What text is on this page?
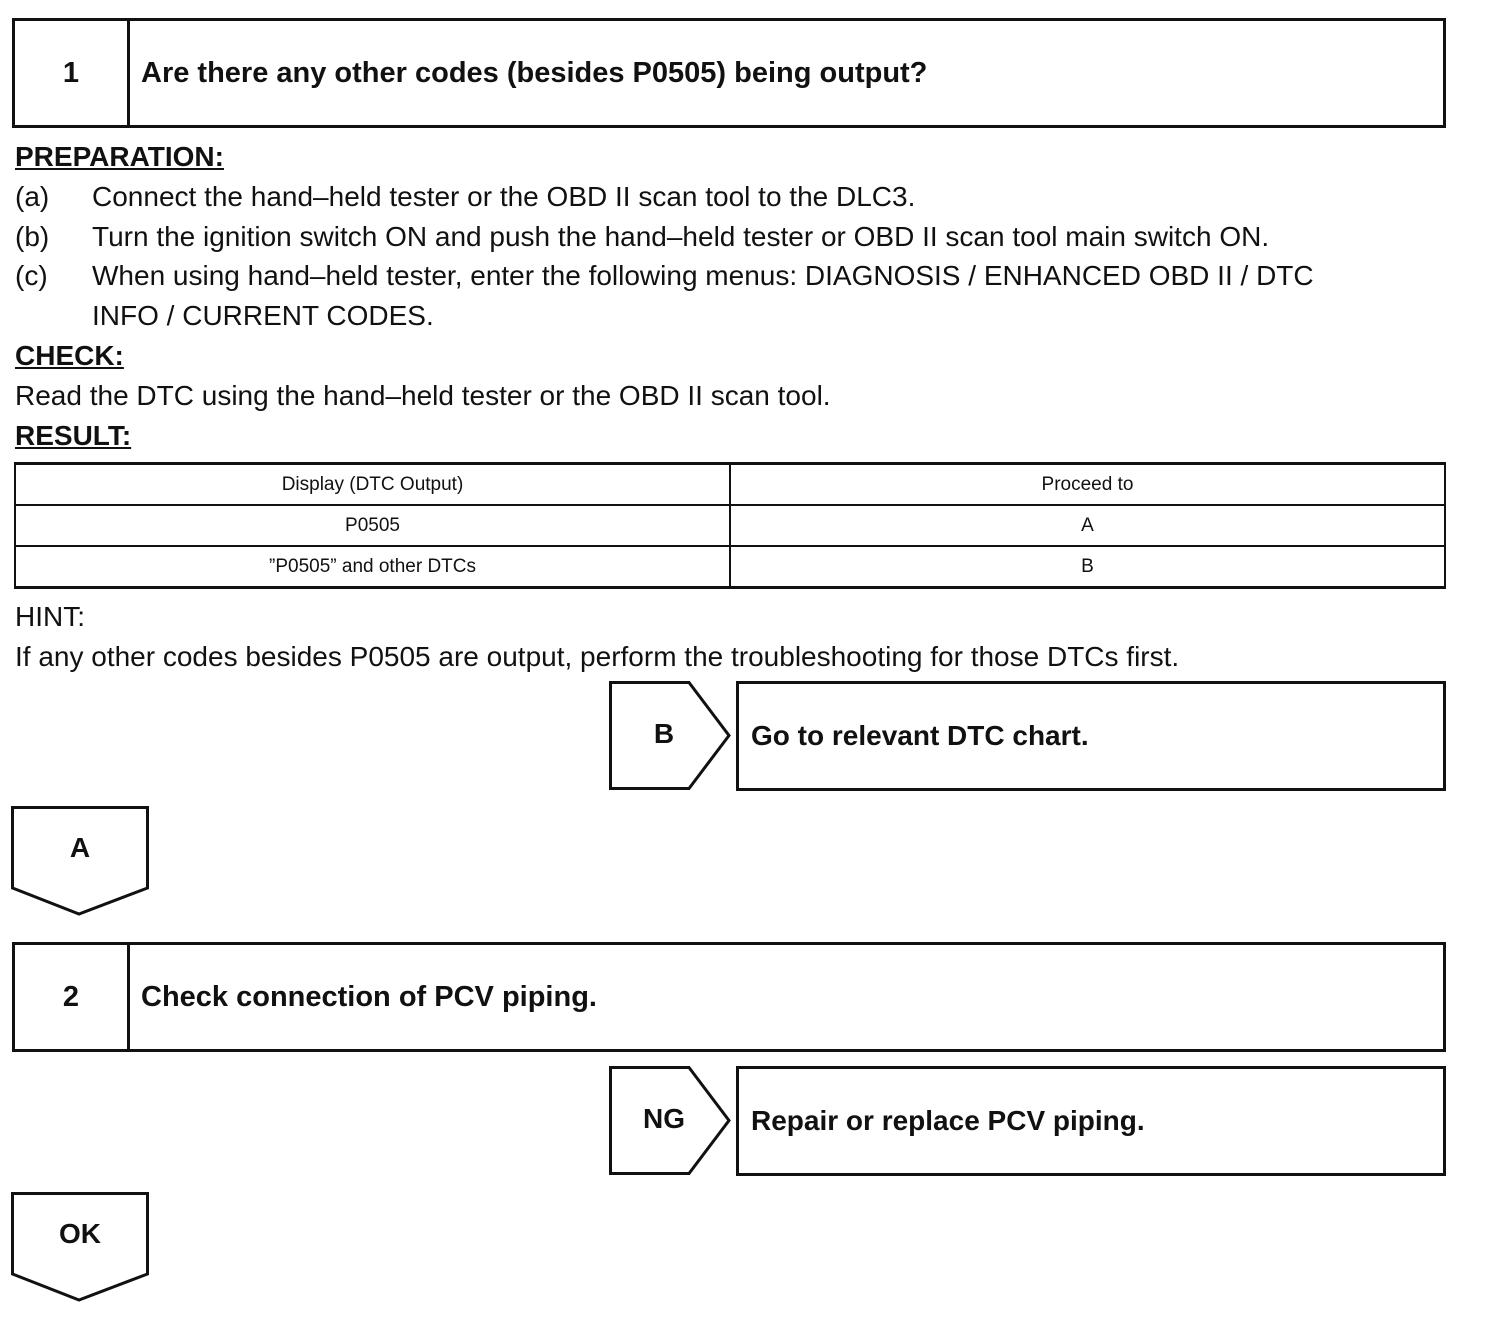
1	Are there any other codes (besides P0505) being output?
PREPARATION:
(a) Connect the hand–held tester or the OBD II scan tool to the DLC3.
(b) Turn the ignition switch ON and push the hand–held tester or OBD II scan tool main switch ON.
(c) When using hand–held tester, enter the following menus: DIAGNOSIS / ENHANCED OBD II / DTC
INFO / CURRENT CODES.
CHECK:
Read the DTC using the hand–held tester or the OBD II scan tool.
RESULT:
Display (DTC Output)	Proceed to
P0505	A
”P0505” and other DTCs	B
HINT:
If any other codes besides P0505 are output, perform the troubleshooting for those DTCs first.
B	Go to relevant DTC chart.
A
2	Check connection of PCV piping.
NG	Repair or replace PCV piping.
OK
